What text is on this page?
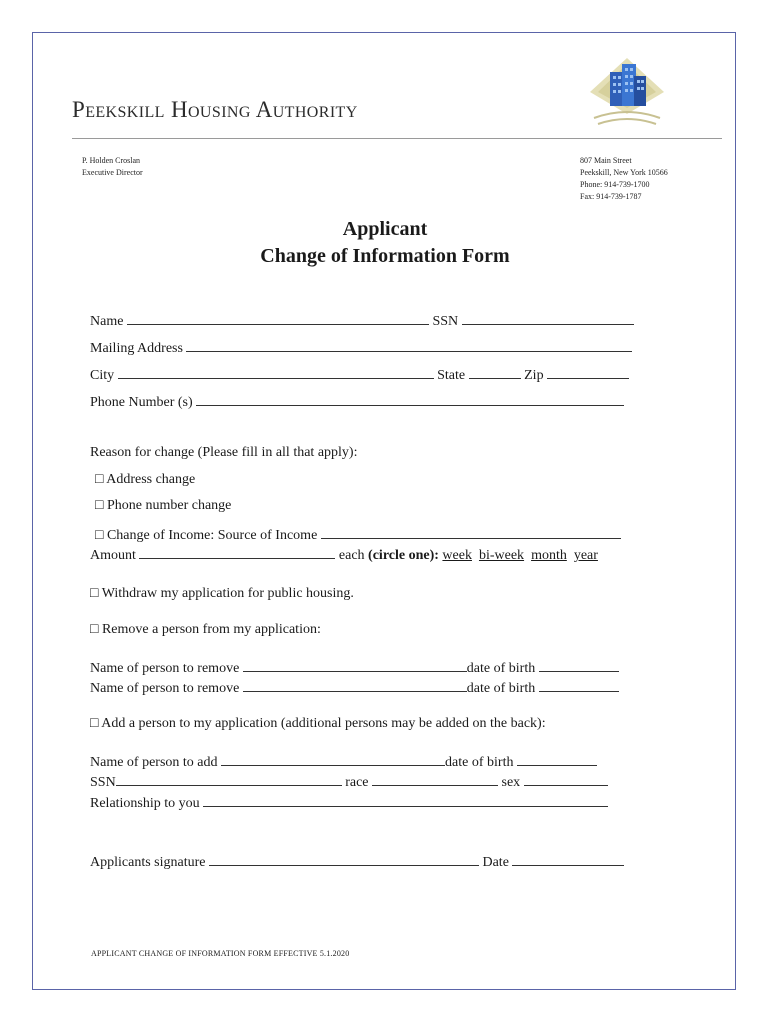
Peekskill Housing Authority
P. Holden Croslan
Executive Director
807 Main Street
Peekskill, New York 10566
Phone: 914-739-1700
Fax: 914-739-1787
Applicant
Change of Information Form
Name	SSN
Mailing Address
City	State	Zip
Phone Number (s)
Reason for change (Please fill in all that apply):
□ Address change
□ Phone number change
□ Change of Income: Source of Income
Amount	each (circle one): week bi-week month year
□ Withdraw my application for public housing.
□ Remove a person from my application:
Name of person to remove	date of birth
Name of person to remove	date of birth
□ Add a person to my application (additional persons may be added on the back):
Name of person to add	date of birth
SSN	race	sex
Relationship to you
Applicants signature	Date
APPLICANT CHANGE OF INFORMATION FORM EFFECTIVE 5.1.2020
